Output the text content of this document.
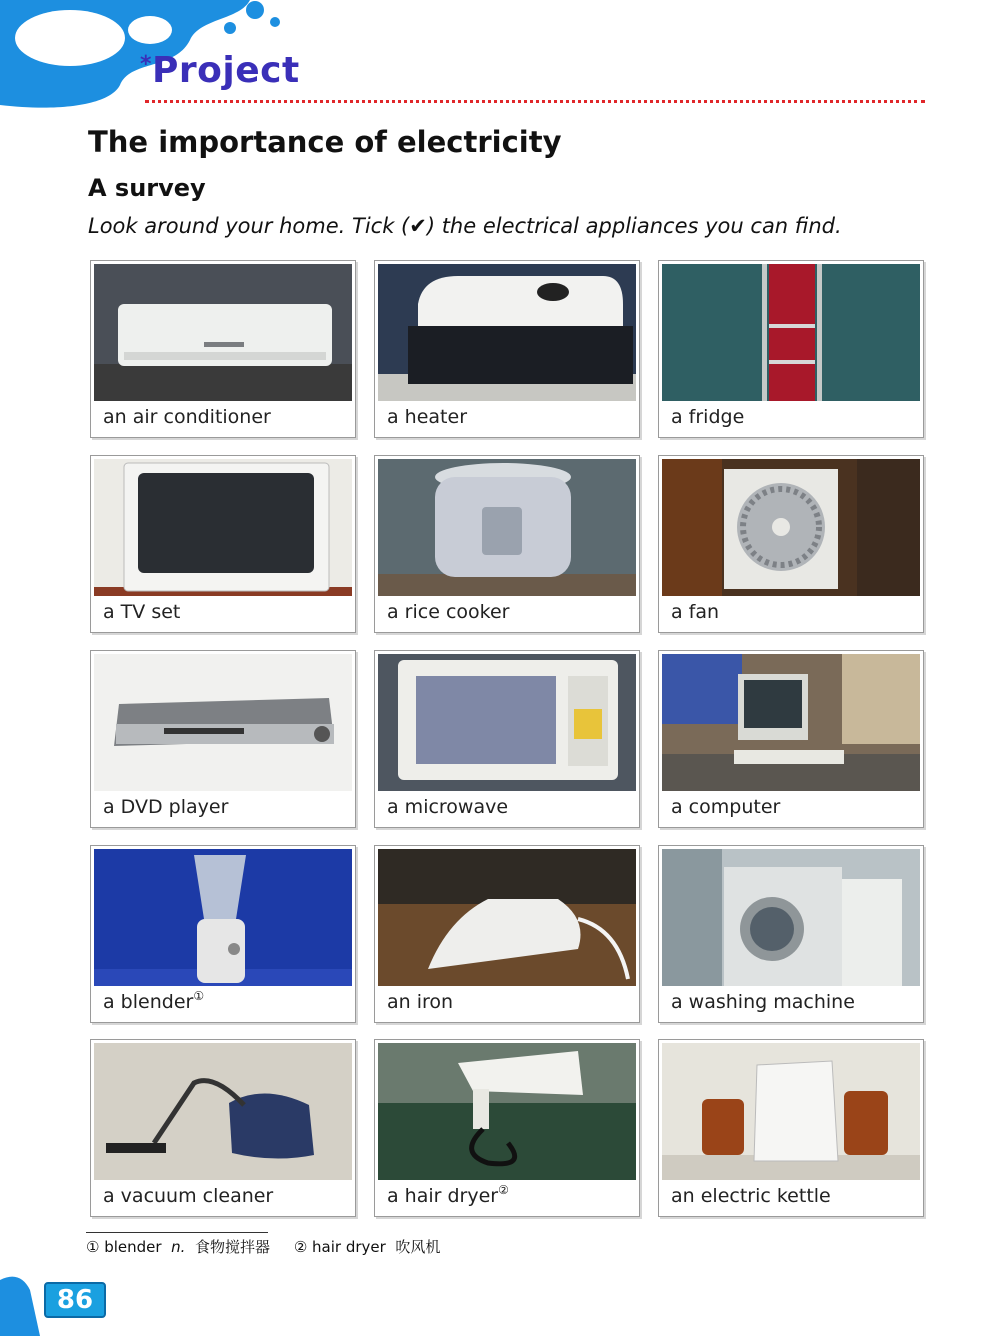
*Project
The importance of electricity
A survey
Look around your home. Tick (✔) the electrical appliances you can find.
an air conditioner	a heater	a fridge
a TV set	a rice cooker	a fan
a DVD player	a microwave	a computer
a blender①	an iron	a washing machine
a vacuum cleaner	a hair dryer②	an electric kettle
① blender n. 食物搅拌器 ② hair dryer 吹风机
86
